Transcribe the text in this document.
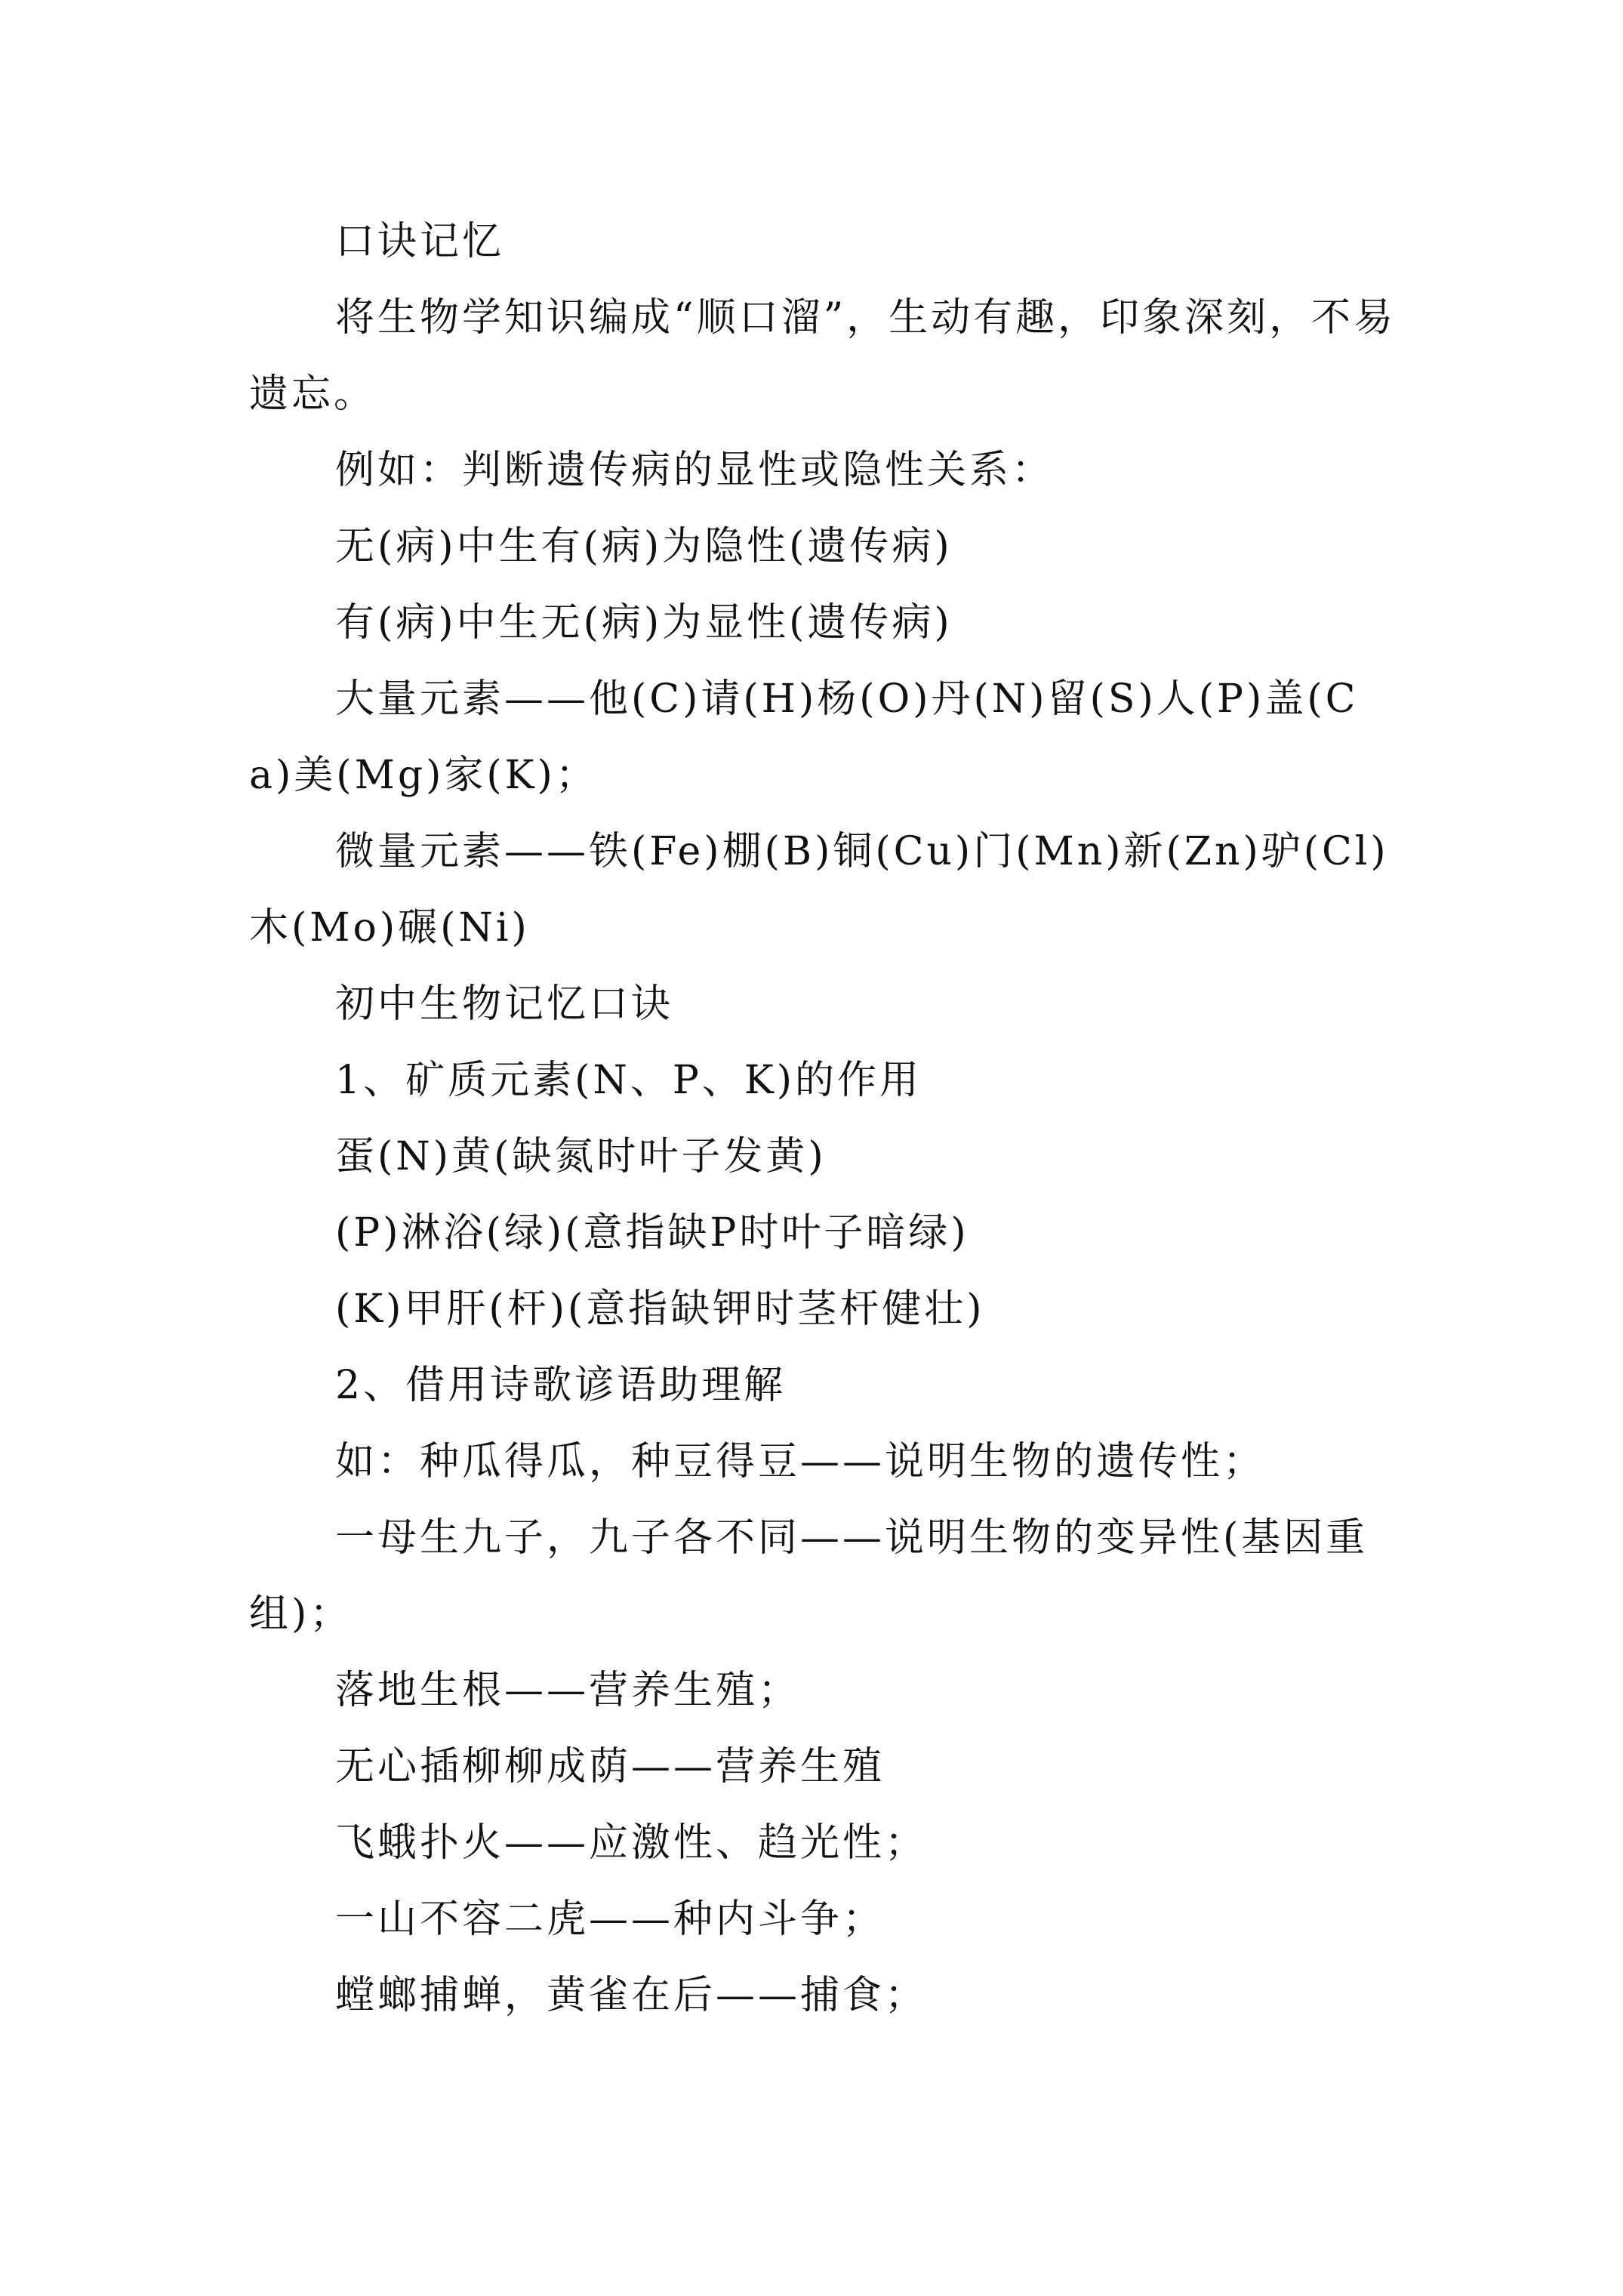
口诀记忆

将生物学知识编成“顺口溜”，生动有趣，印象深刻，不易遗忘。

例如：判断遗传病的显性或隐性关系：

无(病)中生有(病)为隐性(遗传病)

有(病)中生无(病)为显性(遗传病)

大量元素——他(C)请(H)杨(O)丹(N)留(S)人(P)盖(Ca)美(Mg)家(K)；

微量元素——铁(Fe)棚(B)铜(Cu)门(Mn)新(Zn)驴(Cl)木(Mo)碾(Ni)

初中生物记忆口诀

1、矿质元素(N、P、K)的作用

蛋(N)黄(缺氮时叶子发黄)

(P)淋浴(绿)(意指缺P时叶子暗绿)

(K)甲肝(杆)(意指缺钾时茎杆健壮)

2、借用诗歌谚语助理解

如：种瓜得瓜，种豆得豆——说明生物的遗传性；

一母生九子，九子各不同——说明生物的变异性(基因重组)；

落地生根——营养生殖；

无心插柳柳成荫——营养生殖

飞蛾扑火——应激性、趋光性；

一山不容二虎——种内斗争；

螳螂捕蝉，黄雀在后——捕食；
